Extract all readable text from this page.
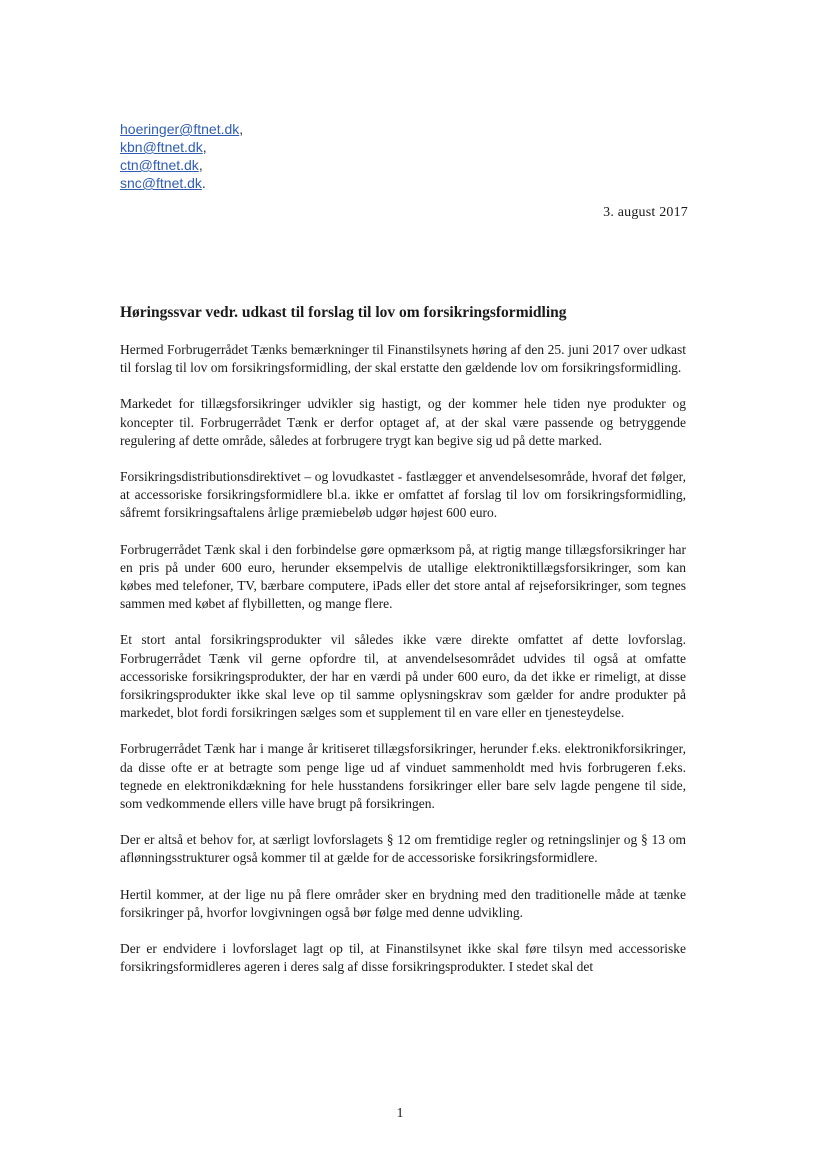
hoeringer@ftnet.dk,
kbn@ftnet.dk,
ctn@ftnet.dk,
snc@ftnet.dk.
3. august 2017
Høringssvar vedr. udkast til forslag til lov om forsikringsformidling

Hermed Forbrugerrådet Tænks bemærkninger til Finanstilsynets høring af den 25. juni 2017 over udkast til forslag til lov om forsikringsformidling, der skal erstatte den gældende lov om forsikringsformidling.

Markedet for tillægsforsikringer udvikler sig hastigt, og der kommer hele tiden nye produkter og koncepter til. Forbrugerrådet Tænk er derfor optaget af, at der skal være passende og betryggende regulering af dette område, således at forbrugere trygt kan begive sig ud på dette marked.

Forsikringsdistributionsdirektivet – og lovudkastet - fastlægger et anvendelsesområde, hvoraf det følger, at accessoriske forsikringsformidlere bl.a. ikke er omfattet af forslag til lov om forsikringsformidling, såfremt forsikringsaftalens årlige præmiebeløb udgør højest 600 euro.

Forbrugerrådet Tænk skal i den forbindelse gøre opmærksom på, at rigtig mange tillægsforsikringer har en pris på under 600 euro, herunder eksempelvis de utallige elektroniktillægsforsikringer, som kan købes med telefoner, TV, bærbare computere, iPads eller det store antal af rejseforsikringer, som tegnes sammen med købet af flybilletten, og mange flere.

Et stort antal forsikringsprodukter vil således ikke være direkte omfattet af dette lovforslag. Forbrugerrådet Tænk vil gerne opfordre til, at anvendelsesområdet udvides til også at omfatte accessoriske forsikringsprodukter, der har en værdi på under 600 euro, da det ikke er rimeligt, at disse forsikringsprodukter ikke skal leve op til samme oplysningskrav som gælder for andre produkter på markedet, blot fordi forsikringen sælges som et supplement til en vare eller en tjenesteydelse.

Forbrugerrådet Tænk har i mange år kritiseret tillægsforsikringer, herunder f.eks. elektronikforsikringer, da disse ofte er at betragte som penge lige ud af vinduet sammenholdt med hvis forbrugeren f.eks. tegnede en elektronikdækning for hele husstandens forsikringer eller bare selv lagde pengene til side, som vedkommende ellers ville have brugt på forsikringen.

Der er altså et behov for, at særligt lovforslagets § 12 om fremtidige regler og retningslinjer og § 13 om aflønningsstrukturer også kommer til at gælde for de accessoriske forsikringsformidlere.

Hertil kommer, at der lige nu på flere områder sker en brydning med den traditionelle måde at tænke forsikringer på, hvorfor lovgivningen også bør følge med denne udvikling.

Der er endvidere i lovforslaget lagt op til, at Finanstilsynet ikke skal føre tilsyn med accessoriske forsikringsformidleres ageren i deres salg af disse forsikringsprodukter. I stedet skal det

1
